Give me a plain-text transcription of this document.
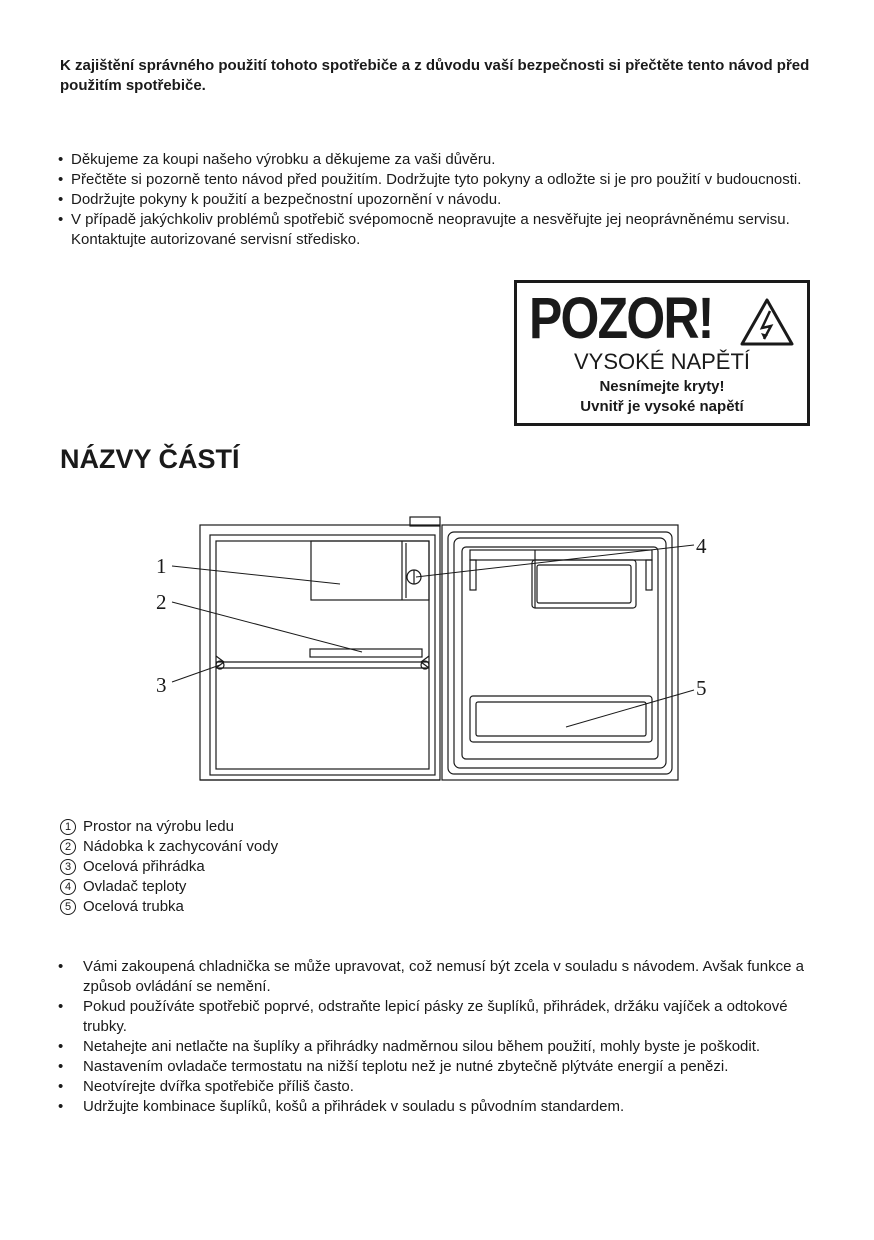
K zajištění správného použití tohoto spotřebiče a z důvodu vaší bezpečnosti si přečtěte tento návod před použitím spotřebiče.

• Děkujeme za koupi našeho výrobku a děkujeme za vaši důvěru.
• Přečtěte si pozorně tento návod před použitím. Dodržujte tyto pokyny a odložte si je pro použití v budoucnosti.
• Dodržujte pokyny k použití a bezpečnostní upozornění v návodu.
• V případě jakýchkoliv problémů spotřebič svépomocně neopravujte a nesvěřujte jej neoprávněnému servisu. Kontaktujte autorizované servisní středisko.
POZOR!
VYSOKÉ NAPĚTÍ
Nesnímejte kryty!
Uvnitř je vysoké napětí
NÁZVY ČÁSTÍ
1
2
3
4
5
1 Prostor na výrobu ledu
2 Nádobka k zachycování vody
3 Ocelová přihrádka
4 Ovladač teploty
5 Ocelová trubka
• Vámi zakoupená chladnička se může upravovat, což nemusí být zcela v souladu s návodem. Avšak funkce a způsob ovládání se nemění.
• Pokud používáte spotřebič poprvé, odstraňte lepicí pásky ze šuplíků, přihrádek, držáku vajíček a odtokové trubky.
• Netahejte ani netlačte na šuplíky a přihrádky nadměrnou silou během použití, mohly byste je poškodit.
• Nastavením ovladače termostatu na nižší teplotu než je nutné zbytečně plýtváte energií a penězi.
• Neotvírejte dvířka spotřebiče příliš často.
• Udržujte kombinace šuplíků, košů a přihrádek v souladu s původním standardem.
